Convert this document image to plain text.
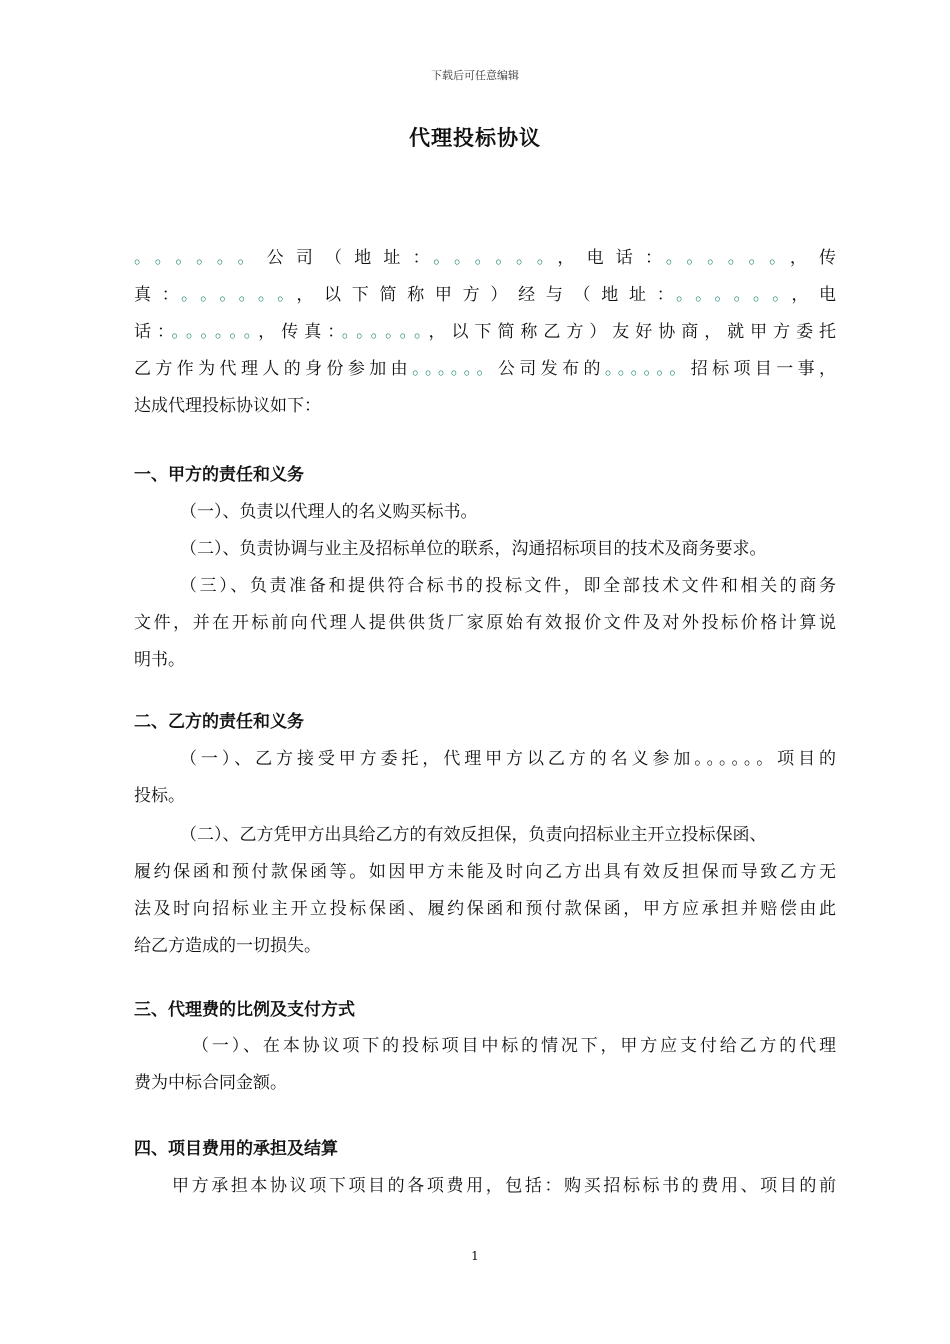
下载后可任意编辑
代理投标协议
。。。。。。公司（地址：。。。。。。，电话：。。。。。。，传
真：。。。。。。，以下简称甲方）经与（地址：。。。。。。，电
话：。。。。。。，传真：。。。。。。，以下简称乙方）友好协商，就甲方委托
乙方作为代理人的身份参加由。。。。。。公司发布的。。。。。。招标项目一事，
达成代理投标协议如下：
一、甲方的责任和义务
（一）、负责以代理人的名义购买标书。
（二）、负责协调与业主及招标单位的联系，沟通招标项目的技术及商务要求。
（三）、负责准备和提供符合标书的投标文件，即全部技术文件和相关的商务
文件，并在开标前向代理人提供供货厂家原始有效报价文件及对外投标价格计算说
明书。
二、乙方的责任和义务
（一）、乙方接受甲方委托，代理甲方以乙方的名义参加。。。。。。项目的
投标。
（二）、乙方凭甲方出具给乙方的有效反担保，负责向招标业主开立投标保函、
履约保函和预付款保函等。如因甲方未能及时向乙方出具有效反担保而导致乙方无
法及时向招标业主开立投标保函、履约保函和预付款保函，甲方应承担并赔偿由此
给乙方造成的一切损失。
三、代理费的比例及支付方式
（一）、在本协议项下的投标项目中标的情况下，甲方应支付给乙方的代理
费为中标合同金额。
四、项目费用的承担及结算
甲方承担本协议项下项目的各项费用，包括：购买招标标书的费用、项目的前
1
